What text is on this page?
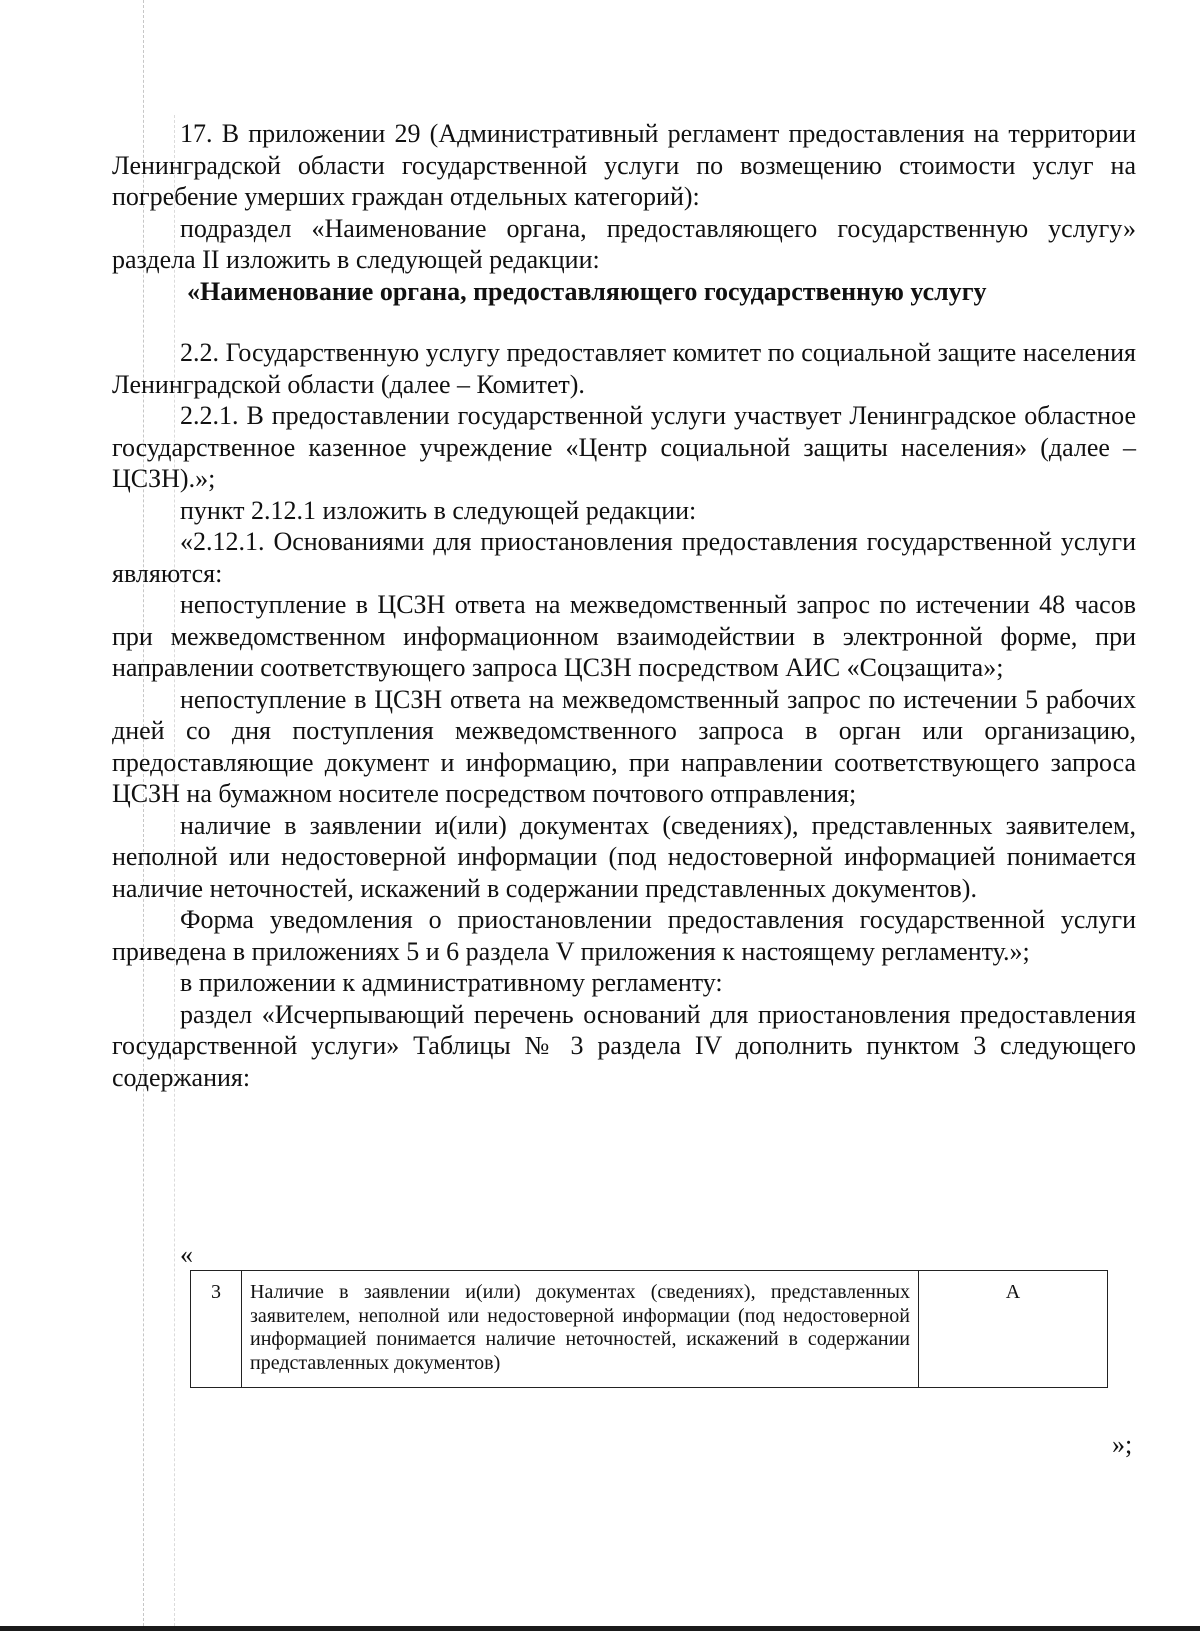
17. В приложении 29 (Административный регламент предоставления на территории Ленинградской области государственной услуги по возмещению стоимости услуг на погребение умерших граждан отдельных категорий):

подраздел «Наименование органа, предоставляющего государственную услугу» раздела II изложить в следующей редакции:

«Наименование органа, предоставляющего государственную услугу

2.2. Государственную услугу предоставляет комитет по социальной защите населения Ленинградской области (далее – Комитет).

2.2.1. В предоставлении государственной услуги участвует Ленинградское областное государственное казенное учреждение «Центр социальной защиты населения» (далее – ЦСЗН).»;

пункт 2.12.1 изложить в следующей редакции:

«2.12.1. Основаниями для приостановления предоставления государственной услуги являются:

непоступление в ЦСЗН ответа на межведомственный запрос по истечении 48 часов при межведомственном информационном взаимодействии в электронной форме, при направлении соответствующего запроса ЦСЗН посредством АИС «Соцзащита»;

непоступление в ЦСЗН ответа на межведомственный запрос по истечении 5 рабочих дней со дня поступления межведомственного запроса в орган или организацию, предоставляющие документ и информацию, при направлении соответствующего запроса ЦСЗН на бумажном носителе посредством почтового отправления;

наличие в заявлении и(или) документах (сведениях), представленных заявителем, неполной или недостоверной информации (под недостоверной информацией понимается наличие неточностей, искажений в содержании представленных документов).

Форма уведомления о приостановлении предоставления государственной услуги приведена в приложениях 5 и 6 раздела V приложения к настоящему регламенту.»;

в приложении к административному регламенту:

раздел «Исчерпывающий перечень оснований для приостановления предоставления государственной услуги» Таблицы № 3 раздела IV дополнить пунктом 3 следующего содержания:

«
3	Наличие в заявлении и(или) документах (сведениях), представленных заявителем, неполной или недостоверной информации (под недостоверной информацией понимается наличие неточностей, искажений в содержании представленных документов)	А
»;
